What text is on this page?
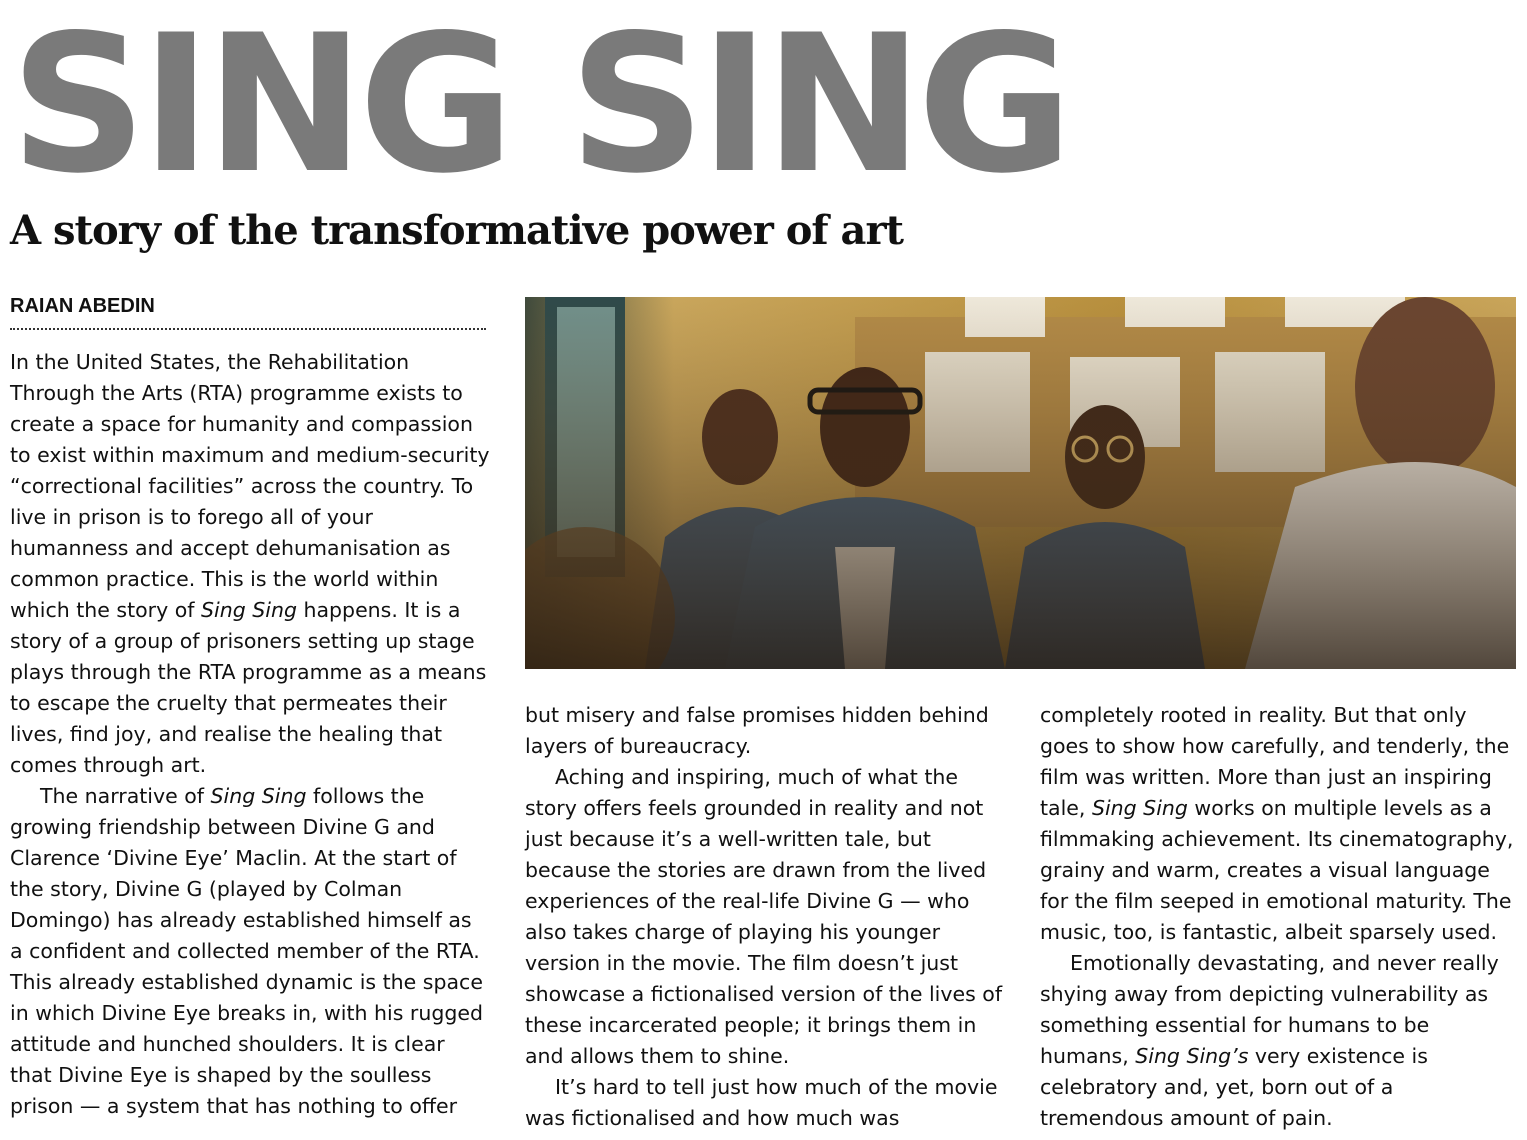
SING SING
A story of the transformative power of art
RAIAN ABEDIN

In the United States, the Rehabilitation Through the Arts (RTA) programme exists to create a space for humanity and compassion to exist within maximum and medium-security “correctional facilities” across the country. To live in prison is to forego all of your humanness and accept dehumanisation as common practice. This is the world within which the story of Sing Sing happens. It is a story of a group of prisoners setting up stage plays through the RTA programme as a means to escape the cruelty that permeates their lives, find joy, and realise the healing that comes through art.

The narrative of Sing Sing follows the growing friendship between Divine G and Clarence ‘Divine Eye’ Maclin. At the start of the story, Divine G (played by Colman Domingo) has already established himself as a confident and collected member of the RTA. This already established dynamic is the space in which Divine Eye breaks in, with his rugged attitude and hunched shoulders. It is clear that Divine Eye is shaped by the soulless prison — a system that has nothing to offer

but misery and false promises hidden behind layers of bureaucracy.

Aching and inspiring, much of what the story offers feels grounded in reality and not just because it’s a well-written tale, but because the stories are drawn from the lived experiences of the real-life Divine G — who also takes charge of playing his younger version in the movie. The film doesn’t just showcase a fictionalised version of the lives of these incarcerated people; it brings them in and allows them to shine.

It’s hard to tell just how much of the movie was fictionalised and how much was

completely rooted in reality. But that only goes to show how carefully, and tenderly, the film was written. More than just an inspiring tale, Sing Sing works on multiple levels as a filmmaking achievement. Its cinematography, grainy and warm, creates a visual language for the film seeped in emotional maturity. The music, too, is fantastic, albeit sparsely used.

Emotionally devastating, and never really shying away from depicting vulnerability as something essential for humans to be humans, Sing Sing’s very existence is celebratory and, yet, born out of a tremendous amount of pain.
